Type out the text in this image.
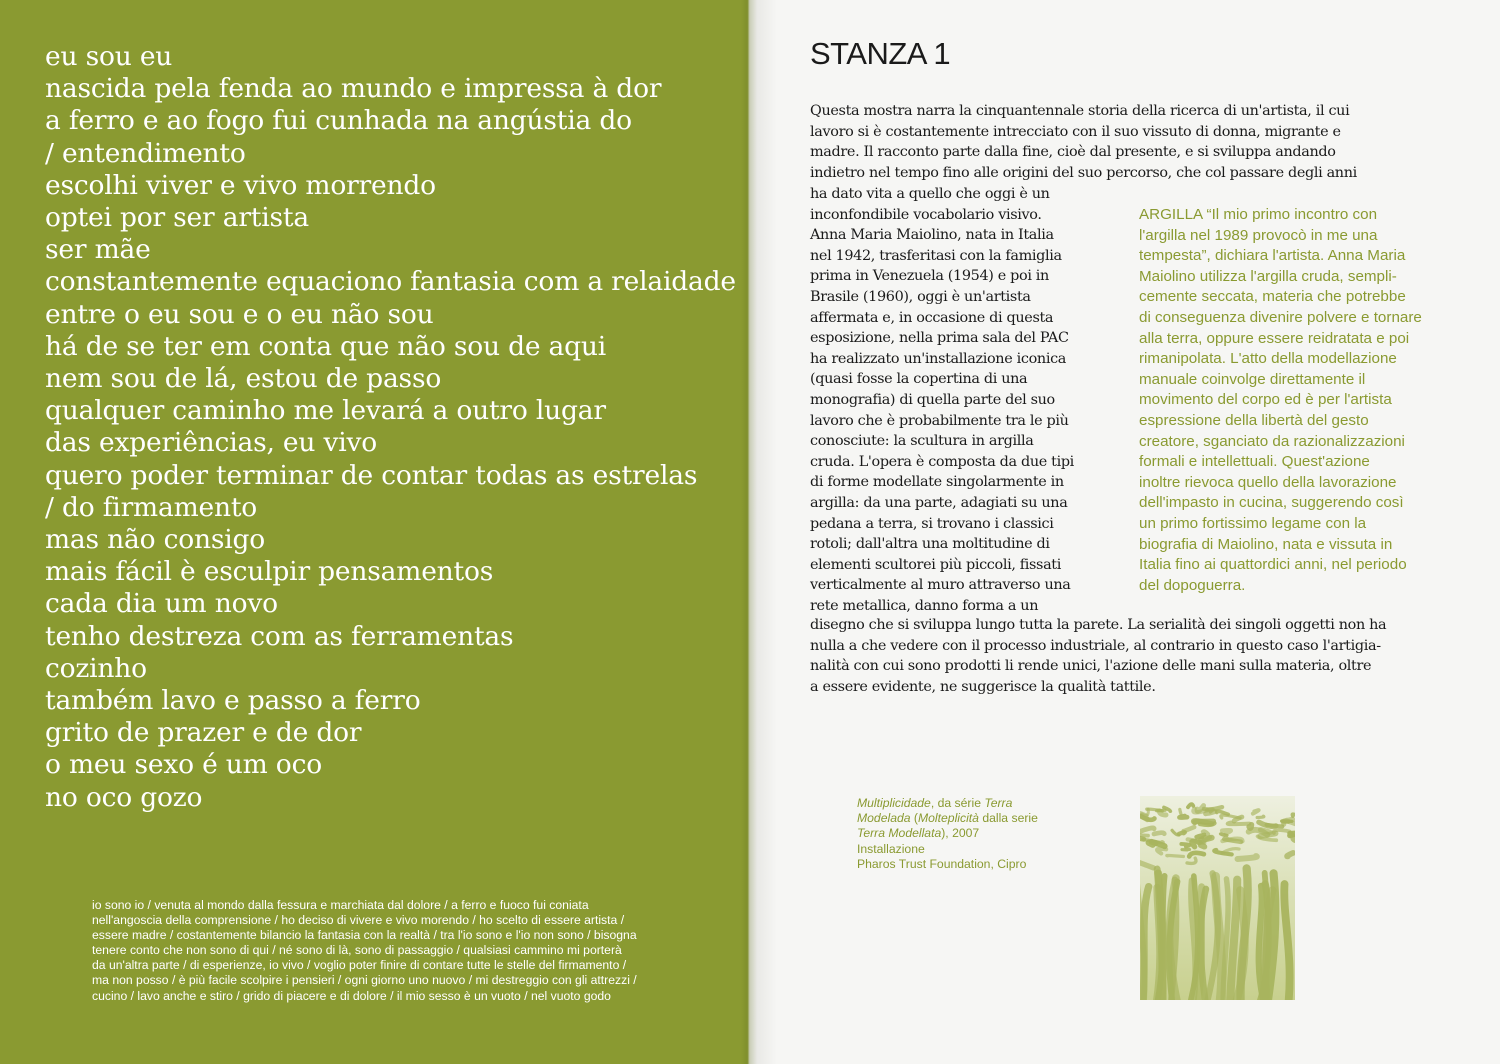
eu sou eu
nascida pela fenda ao mundo e impressa à dor
a ferro e ao fogo fui cunhada na angústia do
/ entendimento
escolhi viver e vivo morrendo
optei por ser artista
ser mãe
constantemente equaciono fantasia com a relaidade
entre o eu sou e o eu não sou
há de se ter em conta que não sou de aqui
nem sou de lá, estou de passo
qualquer caminho me levará a outro lugar
das experiências, eu vivo
quero poder terminar de contar todas as estrelas
/ do firmamento
mas não consigo
mais fácil è esculpir pensamentos
cada dia um novo
tenho destreza com as ferramentas
cozinho
também lavo e passo a ferro
grito de prazer e de dor
o meu sexo é um oco
no oco gozo
io sono io / venuta al mondo dalla fessura e marchiata dal dolore / a ferro e fuoco fui coniata
nell'angoscia della comprensione / ho deciso di vivere e vivo morendo / ho scelto di essere artista /
essere madre / costantemente bilancio la fantasia con la realtà / tra l'io sono e l'io non sono / bisogna
tenere conto che non sono di qui / né sono di là, sono di passaggio / qualsiasi cammino mi porterà
da un'altra parte / di esperienze, io vivo / voglio poter finire di contare tutte le stelle del firmamento /
ma non posso / è più facile scolpire i pensieri / ogni giorno uno nuovo / mi destreggio con gli attrezzi /
cucino / lavo anche e stiro / grido di piacere e di dolore / il mio sesso è un vuoto / nel vuoto godo
STANZA 1
Questa mostra narra la cinquantennale storia della ricerca di un'artista, il cui
lavoro si è costantemente intrecciato con il suo vissuto di donna, migrante e
madre. Il racconto parte dalla fine, cioè dal presente, e si sviluppa andando
indietro nel tempo fino alle origini del suo percorso, che col passare degli anni
ha dato vita a quello che oggi è un
inconfondibile vocabolario visivo.
Anna Maria Maiolino, nata in Italia
nel 1942, trasferitasi con la famiglia
prima in Venezuela (1954) e poi in
Brasile (1960), oggi è un'artista
affermata e, in occasione di questa
esposizione, nella prima sala del PAC
ha realizzato un'installazione iconica
(quasi fosse la copertina di una
monografia) di quella parte del suo
lavoro che è probabilmente tra le più
conosciute: la scultura in argilla
cruda. L'opera è composta da due tipi
di forme modellate singolarmente in
argilla: da una parte, adagiati su una
pedana a terra, si trovano i classici
rotoli; dall'altra una moltitudine di
elementi scultorei più piccoli, fissati
verticalmente al muro attraverso una
rete metallica, danno forma a un
disegno che si sviluppa lungo tutta la parete. La serialità dei singoli oggetti non ha
nulla a che vedere con il processo industriale, al contrario in questo caso l'artigia-
nalità con cui sono prodotti li rende unici, l'azione delle mani sulla materia, oltre
a essere evidente, ne suggerisce la qualità tattile.
ARGILLA “Il mio primo incontro con
l'argilla nel 1989 provocò in me una
tempesta”, dichiara l'artista. Anna Maria
Maiolino utilizza l'argilla cruda, sempli-
cemente seccata, materia che potrebbe
di conseguenza divenire polvere e tornare
alla terra, oppure essere reidratata e poi
rimanipolata. L'atto della modellazione
manuale coinvolge direttamente il
movimento del corpo ed è per l'artista
espressione della libertà del gesto
creatore, sganciato da razionalizzazioni
formali e intellettuali. Quest'azione
inoltre rievoca quello della lavorazione
dell'impasto in cucina, suggerendo così
un primo fortissimo legame con la
biografia di Maiolino, nata e vissuta in
Italia fino ai quattordici anni, nel periodo
del dopoguerra.
Multiplicidade, da série Terra
Modelada (Molteplicità dalla serie
Terra Modellata), 2007
Installazione
Pharos Trust Foundation, Cipro
